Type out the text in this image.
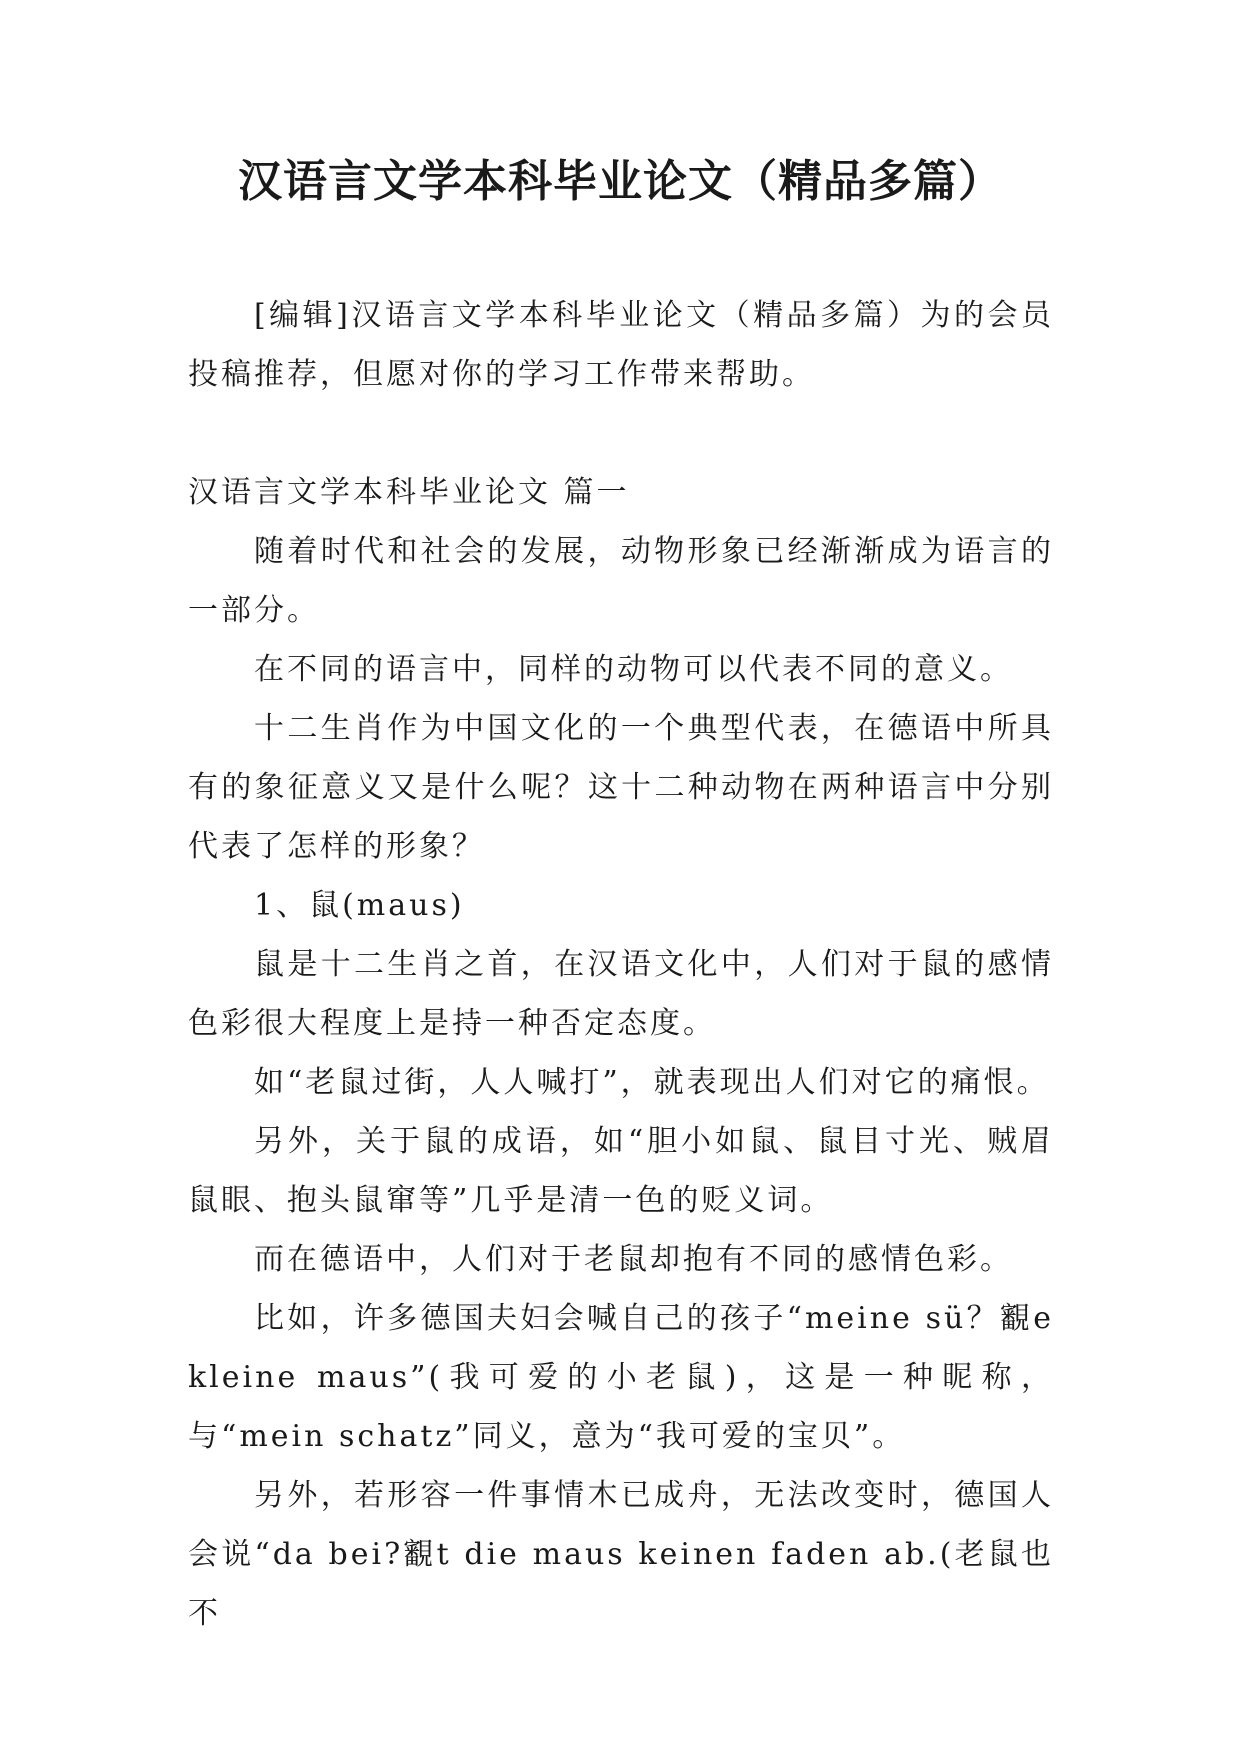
汉语言文学本科毕业论文（精品多篇）

[编辑]汉语言文学本科毕业论文（精品多篇）为的会员投稿推荐，但愿对你的学习工作带来帮助。

汉语言文学本科毕业论文 篇一

随着时代和社会的发展，动物形象已经渐渐成为语言的一部分。

在不同的语言中，同样的动物可以代表不同的意义。

十二生肖作为中国文化的一个典型代表，在德语中所具有的象征意义又是什么呢？这十二种动物在两种语言中分别代表了怎样的形象？

1、鼠(maus)

鼠是十二生肖之首，在汉语文化中，人们对于鼠的感情色彩很大程度上是持一种否定态度。

如“老鼠过街，人人喊打”，就表现出人们对它的痛恨。

另外，关于鼠的成语，如“胆小如鼠、鼠目寸光、贼眉鼠眼、抱头鼠窜等”几乎是清一色的贬义词。

而在德语中，人们对于老鼠却抱有不同的感情色彩。

比如，许多德国夫妇会喊自己的孩子“meine sü？覾e kleine maus”(我可爱的小老鼠)，这是一种昵称，与“mein schatz”同义，意为“我可爱的宝贝”。

另外，若形容一件事情木已成舟，无法改变时，德国人会说“da bei?覾t die maus keinen faden ab.(老鼠也不
